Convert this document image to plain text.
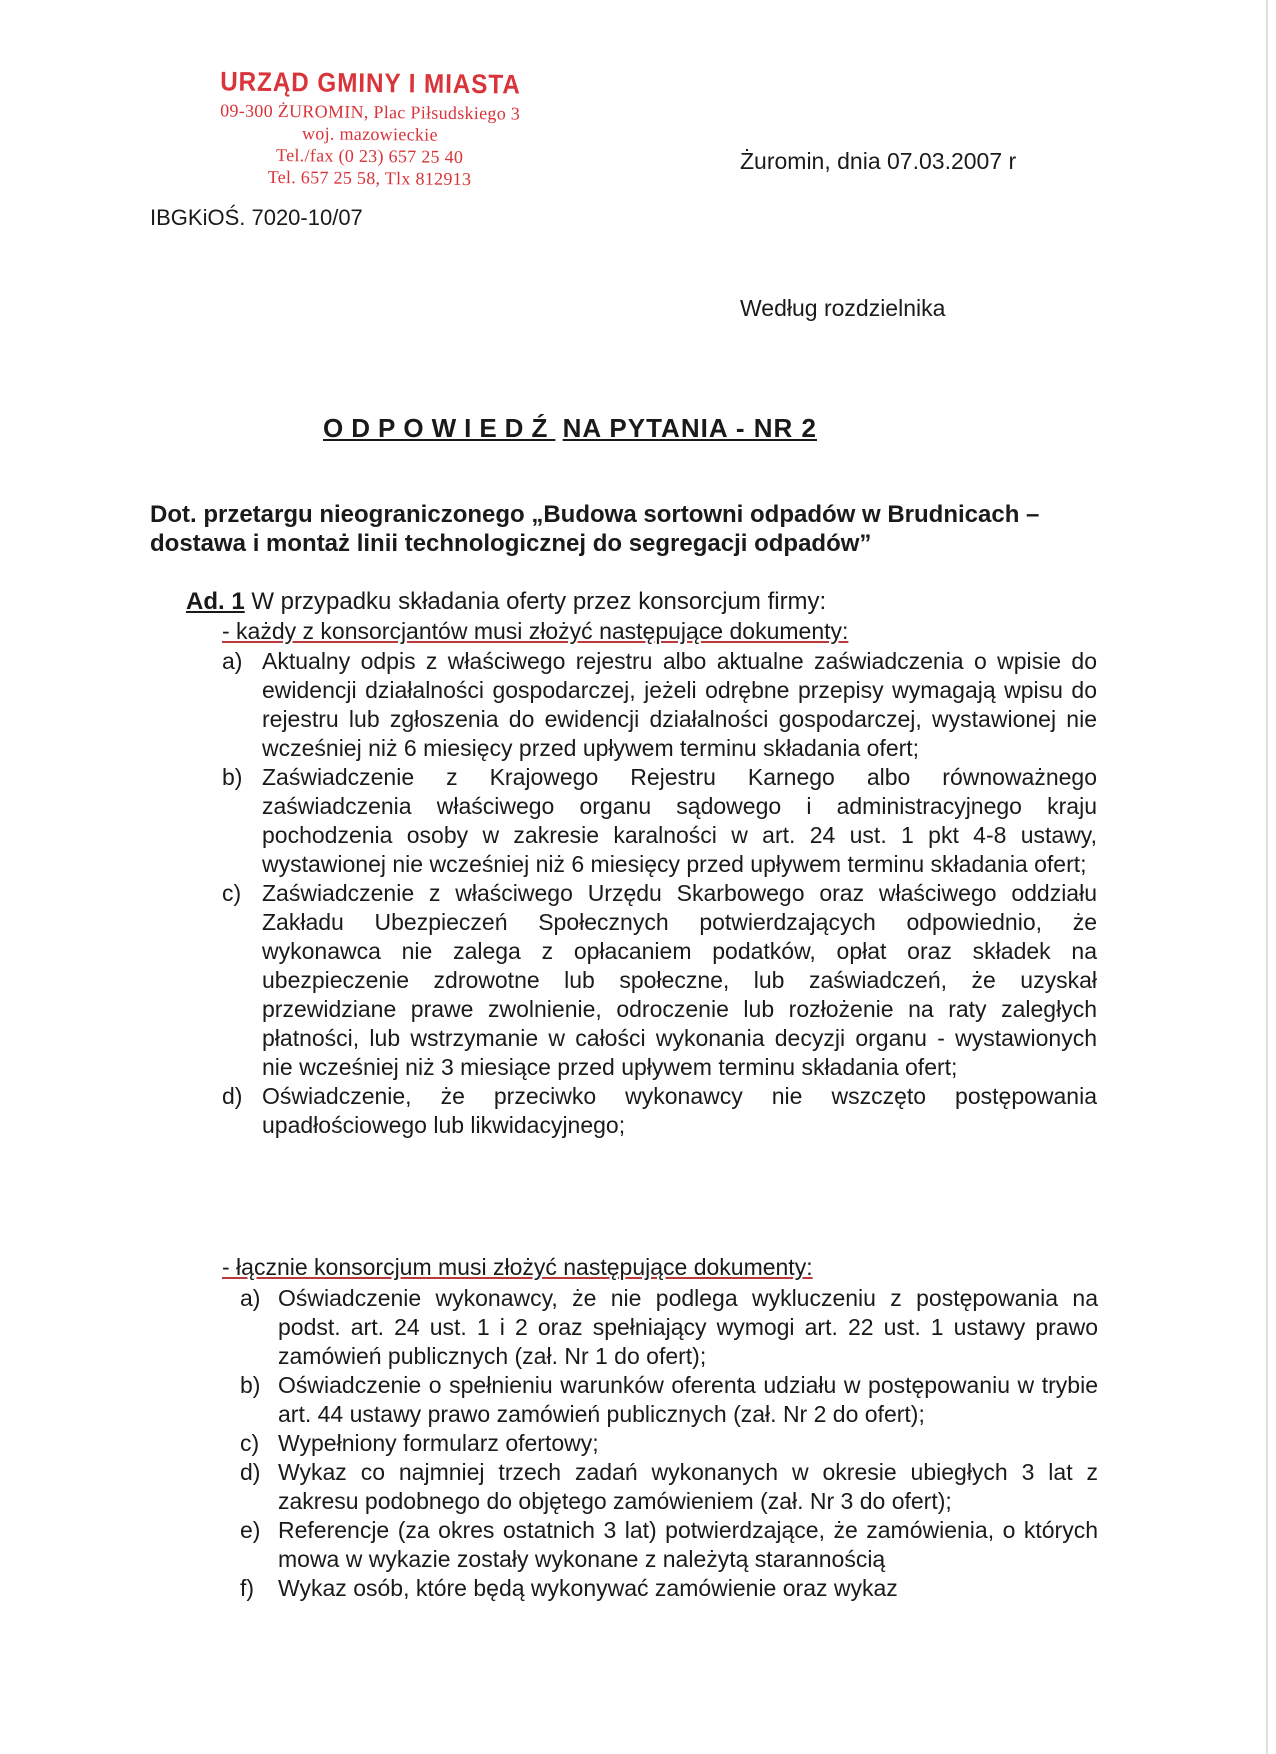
URZĄD GMINY I MIASTA
09-300 ŻUROMIN, Plac Piłsudskiego 3
woj. mazowieckie
Tel./fax (0 23) 657 25 40
Tel. 657 25 58, Tlx 812913
IBGKiOŚ. 7020-10/07
Żuromin, dnia 07.03.2007 r
Według rozdzielnika
ODPOWIEDŹ NA PYTANIA - NR 2
Dot. przetargu nieograniczonego „Budowa sortowni odpadów w Brudnicach – dostawa i montaż linii technologicznej do segregacji odpadów”
Ad. 1 W przypadku składania oferty przez konsorcjum firmy:
- każdy z konsorcjantów musi złożyć następujące dokumenty:
a) Aktualny odpis z właściwego rejestru albo aktualne zaświadczenia o wpisie do ewidencji działalności gospodarczej, jeżeli odrębne przepisy wymagają wpisu do rejestru lub zgłoszenia do ewidencji działalności gospodarczej, wystawionej nie wcześniej niż 6 miesięcy przed upływem terminu składania ofert;
b) Zaświadczenie z Krajowego Rejestru Karnego albo równoważnego zaświadczenia właściwego organu sądowego i administracyjnego kraju pochodzenia osoby w zakresie karalności w art. 24 ust. 1 pkt 4-8 ustawy, wystawionej nie wcześniej niż 6 miesięcy przed upływem terminu składania ofert;
c) Zaświadczenie z właściwego Urzędu Skarbowego oraz właściwego oddziału Zakładu Ubezpieczeń Społecznych potwierdzających odpowiednio, że wykonawca nie zalega z opłacaniem podatków, opłat oraz składek na ubezpieczenie zdrowotne lub społeczne, lub zaświadczeń, że uzyskał przewidziane prawe zwolnienie, odroczenie lub rozłożenie na raty zaległych płatności, lub wstrzymanie w całości wykonania decyzji organu - wystawionych nie wcześniej niż 3 miesiące przed upływem terminu składania ofert;
d) Oświadczenie, że przeciwko wykonawcy nie wszczęto postępowania upadłościowego lub likwidacyjnego;
- łącznie konsorcjum musi złożyć następujące dokumenty:
a) Oświadczenie wykonawcy, że nie podlega wykluczeniu z postępowania na podst. art. 24 ust. 1 i 2 oraz spełniający wymogi art. 22 ust. 1 ustawy prawo zamówień publicznych (zał. Nr 1 do ofert);
b) Oświadczenie o spełnieniu warunków oferenta udziału w postępowaniu w trybie art. 44 ustawy prawo zamówień publicznych (zał. Nr 2 do ofert);
c) Wypełniony formularz ofertowy;
d) Wykaz co najmniej trzech zadań wykonanych w okresie ubiegłych 3 lat z zakresu podobnego do objętego zamówieniem (zał. Nr 3 do ofert);
e) Referencje (za okres ostatnich 3 lat) potwierdzające, że zamówienia, o których mowa w wykazie zostały wykonane z należytą starannością
f) Wykaz osób, które będą wykonywać zamówienie oraz wykaz
